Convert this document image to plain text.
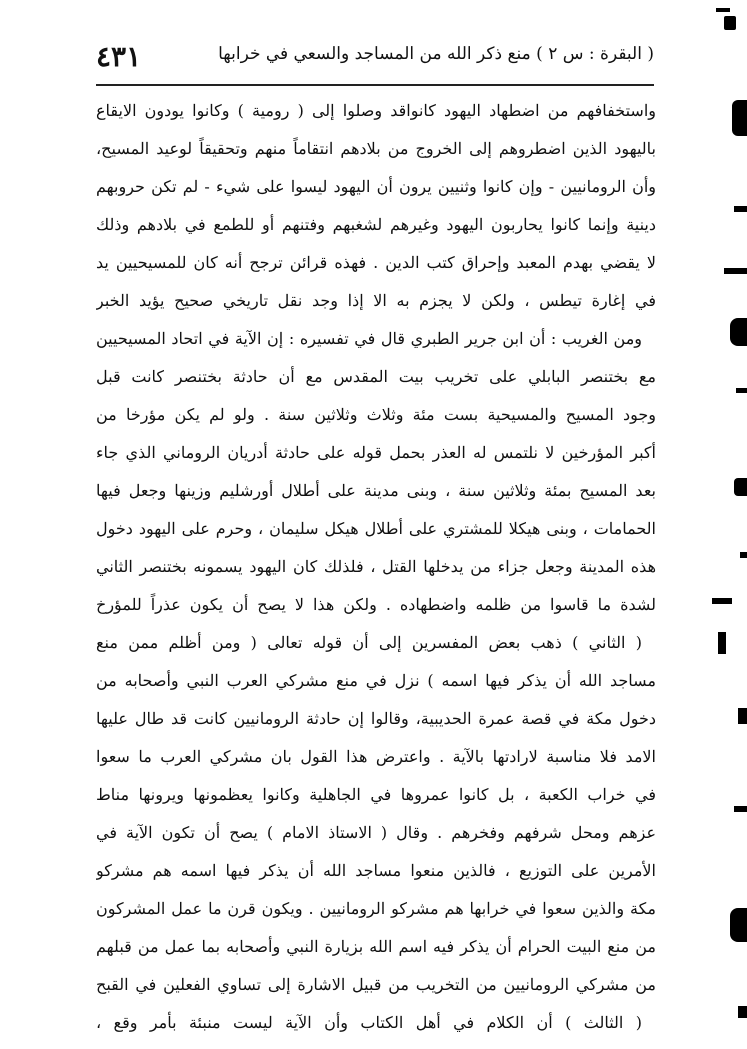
( البقرة : س ٢ ) منع ذكر الله من المساجد والسعي في خرابها
٤٣١
واستخفافهم من اضطهاد اليهود كانواقد وصلوا إلى ( رومية ) وكانوا يودون الايقاع
باليهود الذين اضطروهم إلى الخروج من بلادهم انتقاماً منهم وتحقيقاً لوعيد المسيح،
وأن الرومانيين - وإن كانوا وثنيين يرون أن اليهود ليسوا على شيء - لم تكن حروبهم
دينية وإنما كانوا يحاربون اليهود وغيرهم لشغبهم وفتنهم أو للطمع في بلادهم وذلك
لا يقضي بهدم المعبد وإحراق كتب الدين . فهذه قرائن ترجح أنه كان للمسيحيين يد
في إغارة تيطس ، ولكن لا يجزم به الا إذا وجد نقل تاريخي صحيح يؤيد الخبر
ومن الغريب : أن ابن جرير الطبري قال في تفسيره : إن الآية في اتحاد المسيحيين
مع بختنصر البابلي على تخريب بيت المقدس مع أن حادثة بختنصر كانت قبل
وجود المسيح والمسيحية بست مئة وثلاث وثلاثين سنة . ولو لم يكن مؤرخا من
أكبر المؤرخين لا نلتمس له العذر بحمل قوله على حادثة أدريان الروماني الذي جاء
بعد المسيح بمئة وثلاثين سنة ، وبنى مدينة على أطلال أورشليم وزينها وجعل فيها
الحمامات ، وبنى هيكلا للمشتري على أطلال هيكل سليمان ، وحرم على اليهود دخول
هذه المدينة وجعل جزاء من يدخلها القتل ، فلذلك كان اليهود يسمونه بختنصر الثاني
لشدة ما قاسوا من ظلمه واضطهاده . ولكن هذا لا يصح أن يكون عذراً للمؤرخ
( الثاني ) ذهب بعض المفسرين إلى أن قوله تعالى ( ومن أظلم ممن منع
مساجد الله أن يذكر فيها اسمه ) نزل في منع مشركي العرب النبي وأصحابه من
دخول مكة في قصة عمرة الحديبية، وقالوا إن حادثة الرومانيين كانت قد طال عليها
الامد فلا مناسبة لارادتها بالآية . واعترض هذا القول بان مشركي العرب ما سعوا
في خراب الكعبة ، بل كانوا عمروها في الجاهلية وكانوا يعظمونها ويرونها مناط
عزهم ومحل شرفهم وفخرهم . وقال ( الاستاذ الامام ) يصح أن تكون الآية في
الأمرين على التوزيع ، فالذين منعوا مساجد الله أن يذكر فيها اسمه هم مشركو
مكة والذين سعوا في خرابها هم مشركو الرومانيين . ويكون قرن ما عمل المشركون
من منع البيت الحرام أن يذكر فيه اسم الله بزيارة النبي وأصحابه بما عمل من قبلهم
من مشركي الرومانيين من التخريب من قبيل الاشارة إلى تساوي الفعلين في القبح
( الثالث ) أن الكلام في أهل الكتاب وأن الآية ليست منبئة بأمر وقع ،
